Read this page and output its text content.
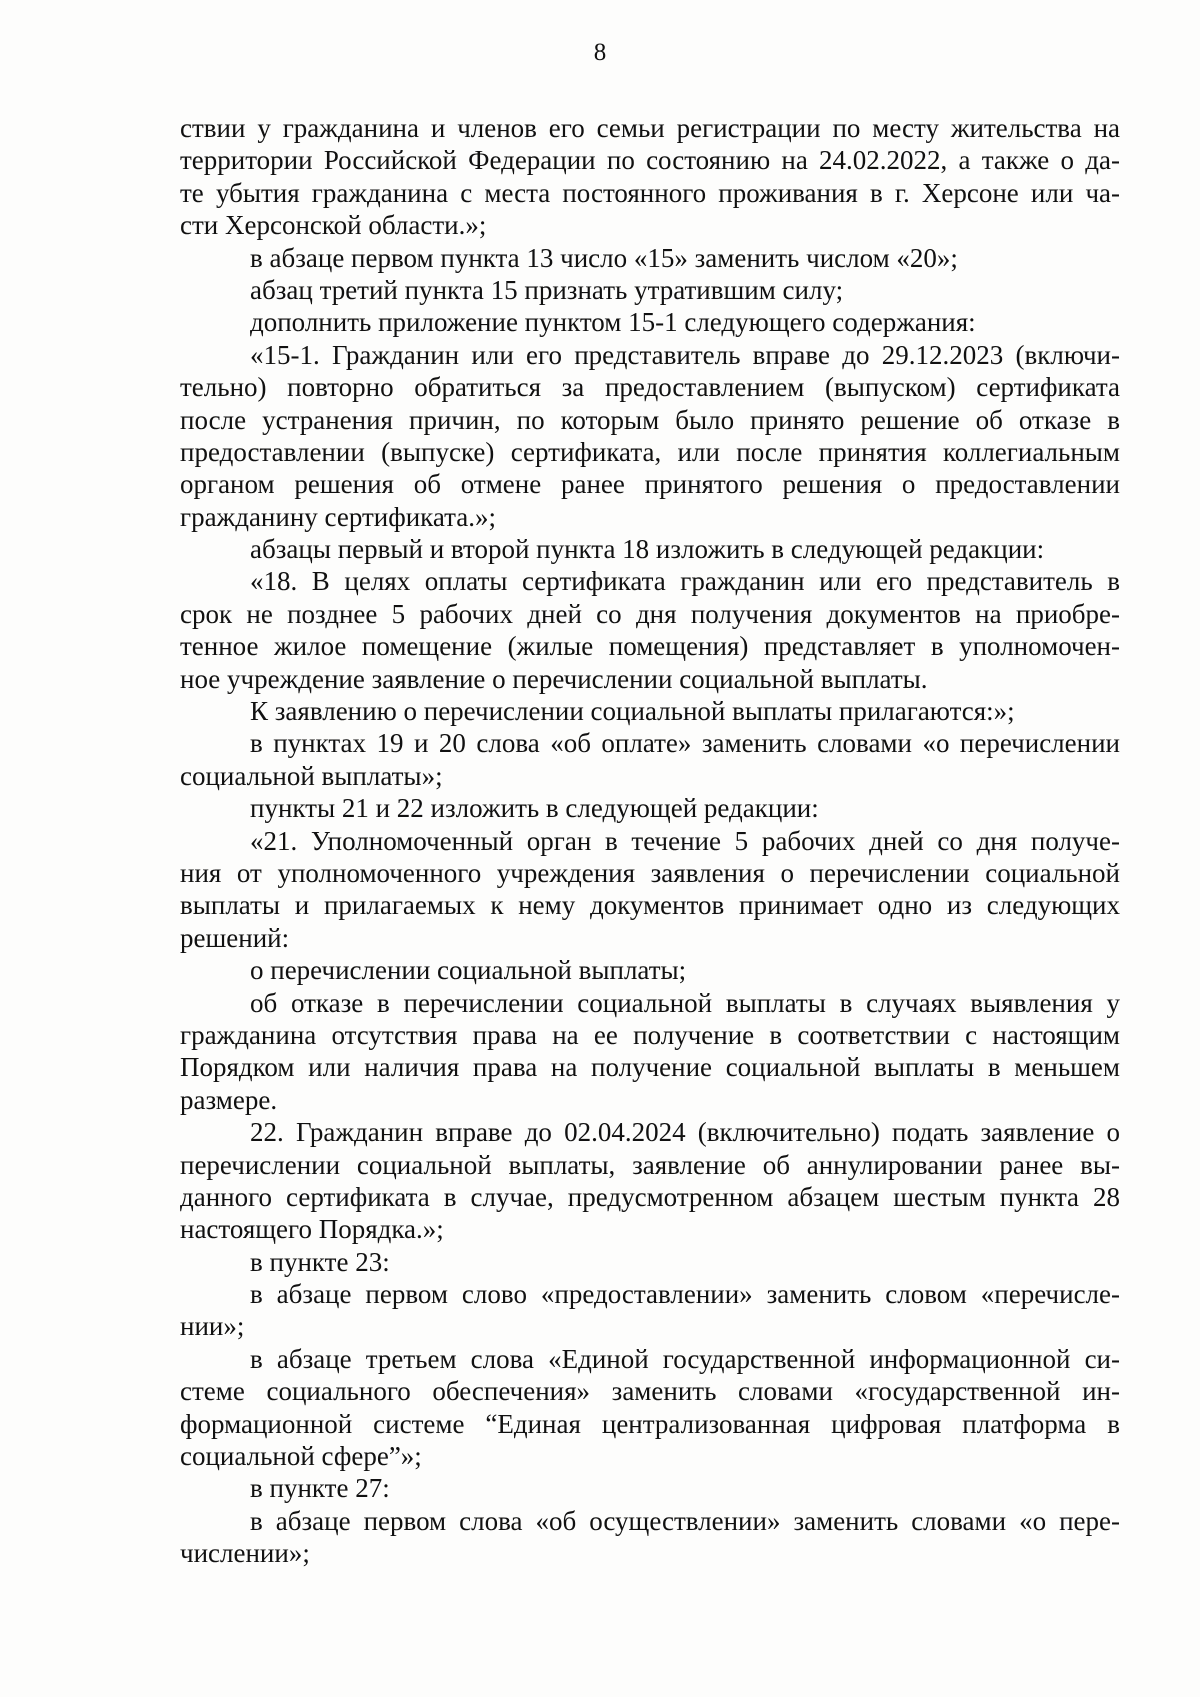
8
ствии у гражданина и членов его семьи регистрации по месту жительства на
территории Российской Федерации по состоянию на 24.02.2022, а также о да-
те убытия гражданина с места постоянного проживания в г. Херсоне или ча-
сти Херсонской области.»;
в абзаце первом пункта 13 число «15» заменить числом «20»;
абзац третий пункта 15 признать утратившим силу;
дополнить приложение пунктом 15-1 следующего содержания:
«15-1. Гражданин или его представитель вправе до 29.12.2023 (включи-
тельно) повторно обратиться за предоставлением (выпуском) сертификата
после устранения причин, по которым было принято решение об отказе в
предоставлении (выпуске) сертификата, или после принятия коллегиальным
органом решения об отмене ранее принятого решения о предоставлении
гражданину сертификата.»;
абзацы первый и второй пункта 18 изложить в следующей редакции:
«18. В целях оплаты сертификата гражданин или его представитель в
срок не позднее 5 рабочих дней со дня получения документов на приобре-
тенное жилое помещение (жилые помещения) представляет в уполномочен-
ное учреждение заявление о перечислении социальной выплаты.
К заявлению о перечислении социальной выплаты прилагаются:»;
в пунктах 19 и 20 слова «об оплате» заменить словами «о перечислении
социальной выплаты»;
пункты 21 и 22 изложить в следующей редакции:
«21. Уполномоченный орган в течение 5 рабочих дней со дня получе-
ния от уполномоченного учреждения заявления о перечислении социальной
выплаты и прилагаемых к нему документов принимает одно из следующих
решений:
о перечислении социальной выплаты;
об отказе в перечислении социальной выплаты в случаях выявления у
гражданина отсутствия права на ее получение в соответствии с настоящим
Порядком или наличия права на получение социальной выплаты в меньшем
размере.
22. Гражданин вправе до 02.04.2024 (включительно) подать заявление о
перечислении социальной выплаты, заявление об аннулировании ранее вы-
данного сертификата в случае, предусмотренном абзацем шестым пункта 28
настоящего Порядка.»;
в пункте 23:
в абзаце первом слово «предоставлении» заменить словом «перечисле-
нии»;
в абзаце третьем слова «Единой государственной информационной си-
стеме социального обеспечения» заменить словами «государственной ин-
формационной системе “Единая централизованная цифровая платформа в
социальной сфере”»;
в пункте 27:
в абзаце первом слова «об осуществлении» заменить словами «о пере-
числении»;
